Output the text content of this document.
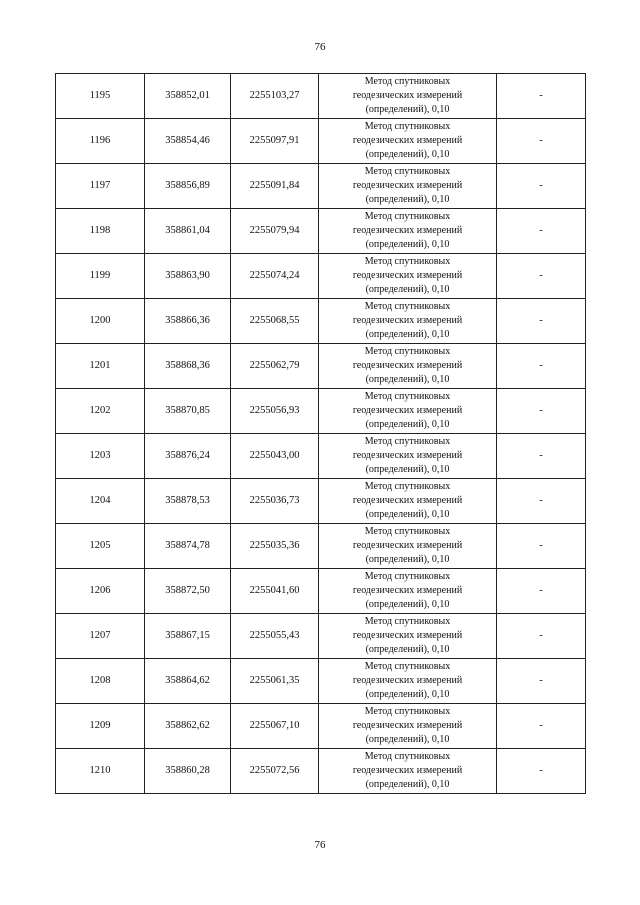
76
1195	358852,01	2255103,27	Метод спутниковых
геодезических измерений
(определений), 0,10	-
1196	358854,46	2255097,91	Метод спутниковых
геодезических измерений
(определений), 0,10	-
1197	358856,89	2255091,84	Метод спутниковых
геодезических измерений
(определений), 0,10	-
1198	358861,04	2255079,94	Метод спутниковых
геодезических измерений
(определений), 0,10	-
1199	358863,90	2255074,24	Метод спутниковых
геодезических измерений
(определений), 0,10	-
1200	358866,36	2255068,55	Метод спутниковых
геодезических измерений
(определений), 0,10	-
1201	358868,36	2255062,79	Метод спутниковых
геодезических измерений
(определений), 0,10	-
1202	358870,85	2255056,93	Метод спутниковых
геодезических измерений
(определений), 0,10	-
1203	358876,24	2255043,00	Метод спутниковых
геодезических измерений
(определений), 0,10	-
1204	358878,53	2255036,73	Метод спутниковых
геодезических измерений
(определений), 0,10	-
1205	358874,78	2255035,36	Метод спутниковых
геодезических измерений
(определений), 0,10	-
1206	358872,50	2255041,60	Метод спутниковых
геодезических измерений
(определений), 0,10	-
1207	358867,15	2255055,43	Метод спутниковых
геодезических измерений
(определений), 0,10	-
1208	358864,62	2255061,35	Метод спутниковых
геодезических измерений
(определений), 0,10	-
1209	358862,62	2255067,10	Метод спутниковых
геодезических измерений
(определений), 0,10	-
1210	358860,28	2255072,56	Метод спутниковых
геодезических измерений
(определений), 0,10	-
76
